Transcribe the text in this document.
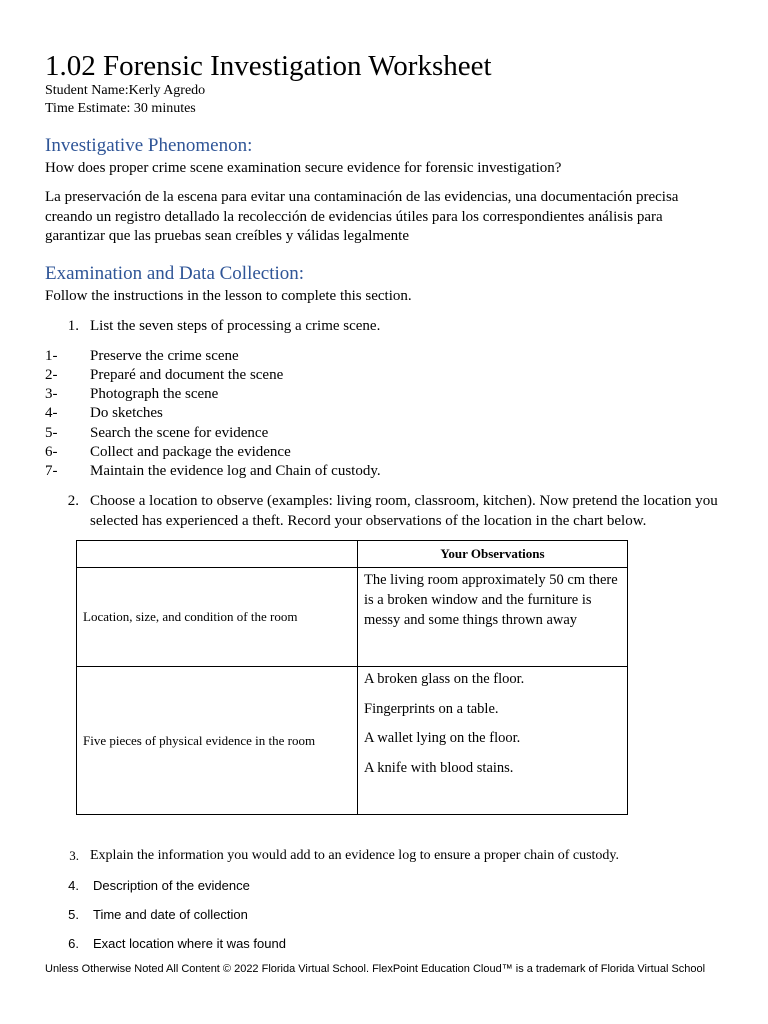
1.02 Forensic Investigation Worksheet
Student Name:Kerly Agredo
Time Estimate: 30 minutes
Investigative Phenomenon:
How does proper crime scene examination secure evidence for forensic investigation?
La preservación de la escena para evitar una contaminación de las evidencias, una documentación precisa creando un registro detallado la recolección de evidencias útiles para los correspondientes análisis para garantizar que las pruebas sean creíbles y válidas legalmente
Examination and Data Collection:
Follow the instructions in the lesson to complete this section.
1. List the seven steps of processing a crime scene.
1-	Preserve the crime scene
2-	Preparé and document the scene
3-	Photograph the scene
4-	Do sketches
5-	Search the scene for evidence
6-	Collect and package the evidence
7-	Maintain the evidence log and Chain of custody.
2. Choose a location to observe (examples: living room, classroom, kitchen). Now pretend the location you selected has experienced a theft. Record your observations of the location in the chart below.
	Your Observations
Location, size, and condition of the room	The living room approximately 50 cm there is a broken window and the furniture is messy and some things thrown away
Five pieces of physical evidence in the room	A broken glass on the floor.
Fingerprints on a table.
A wallet lying on the floor.
A knife with blood stains.
3. Explain the information you would add to an evidence log to ensure a proper chain of custody.
4. Description of the evidence
5. Time and date of collection
6. Exact location where it was found
Unless Otherwise Noted All Content © 2022 Florida Virtual School. FlexPoint Education Cloud™ is a trademark of Florida Virtual School
